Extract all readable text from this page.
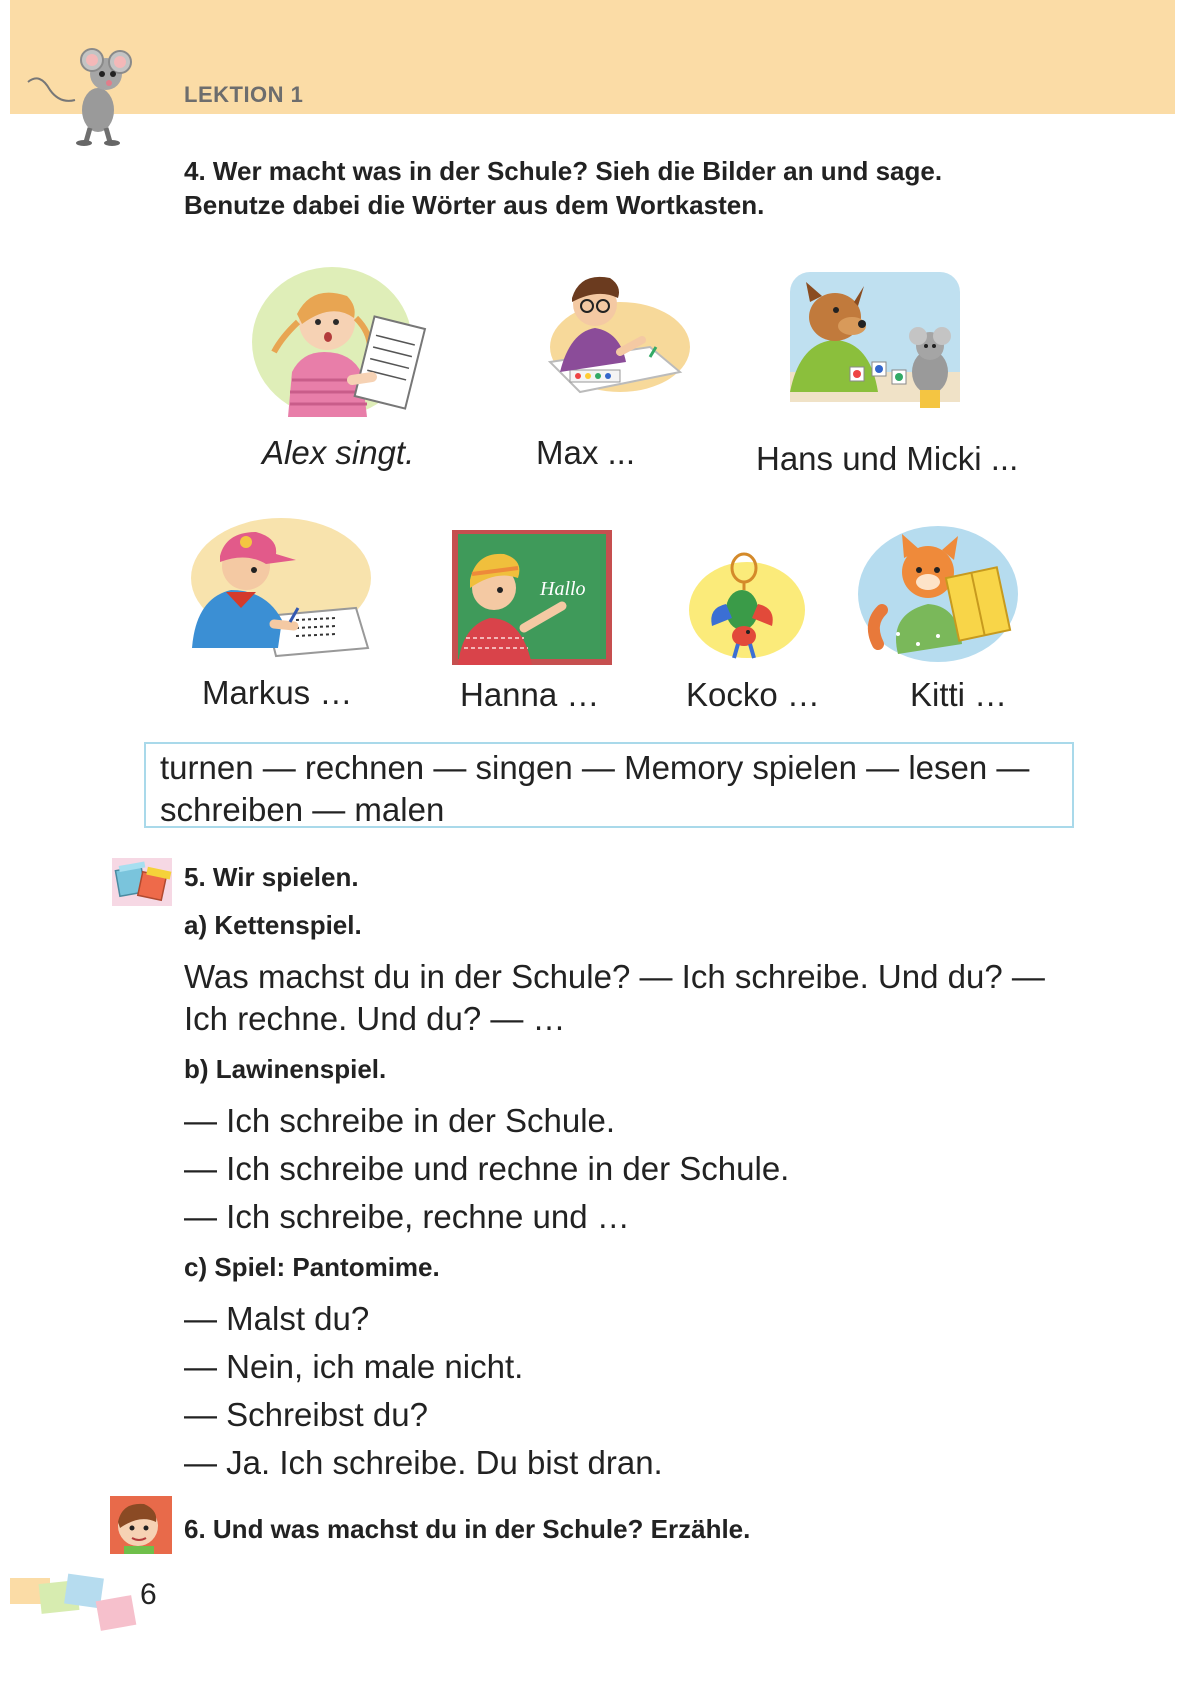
LEKTION 1
4. Wer macht was in der Schule? Sieh die Bilder an und sage.
Benutze dabei die Wörter aus dem Wortkasten.
Alex singt.	Max ...	Hans und Micki ...
Hallo
Markus …	Hanna …	Kocko …	Kitti …
turnen — rechnen — singen — Memory spielen — lesen —
schreiben — malen
5. Wir spielen.
a) Kettenspiel.
Was machst du in der Schule? — Ich schreibe. Und du? —
Ich rechne. Und du? — …
b) Lawinenspiel.
— Ich schreibe in der Schule.
— Ich schreibe und rechne in der Schule.
— Ich schreibe, rechne und …
c) Spiel: Pantomime.
— Malst du?
— Nein, ich male nicht.
— Schreibst du?
— Ja. Ich schreibe. Du bist dran.
6. Und was machst du in der Schule? Erzähle.
6
